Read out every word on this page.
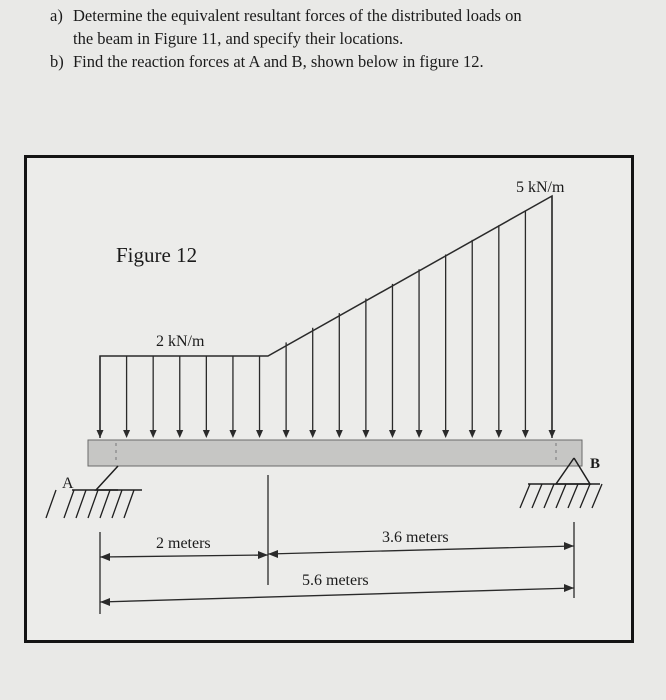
a) Determine the equivalent resultant forces of the distributed loads on
the beam in Figure 11, and specify their locations.
b) Find the reaction forces at A and B, shown below in figure 12.
A
B
Figure 12
2 kN/m
5 kN/m
2 meters	3.6 meters
5.6 meters
